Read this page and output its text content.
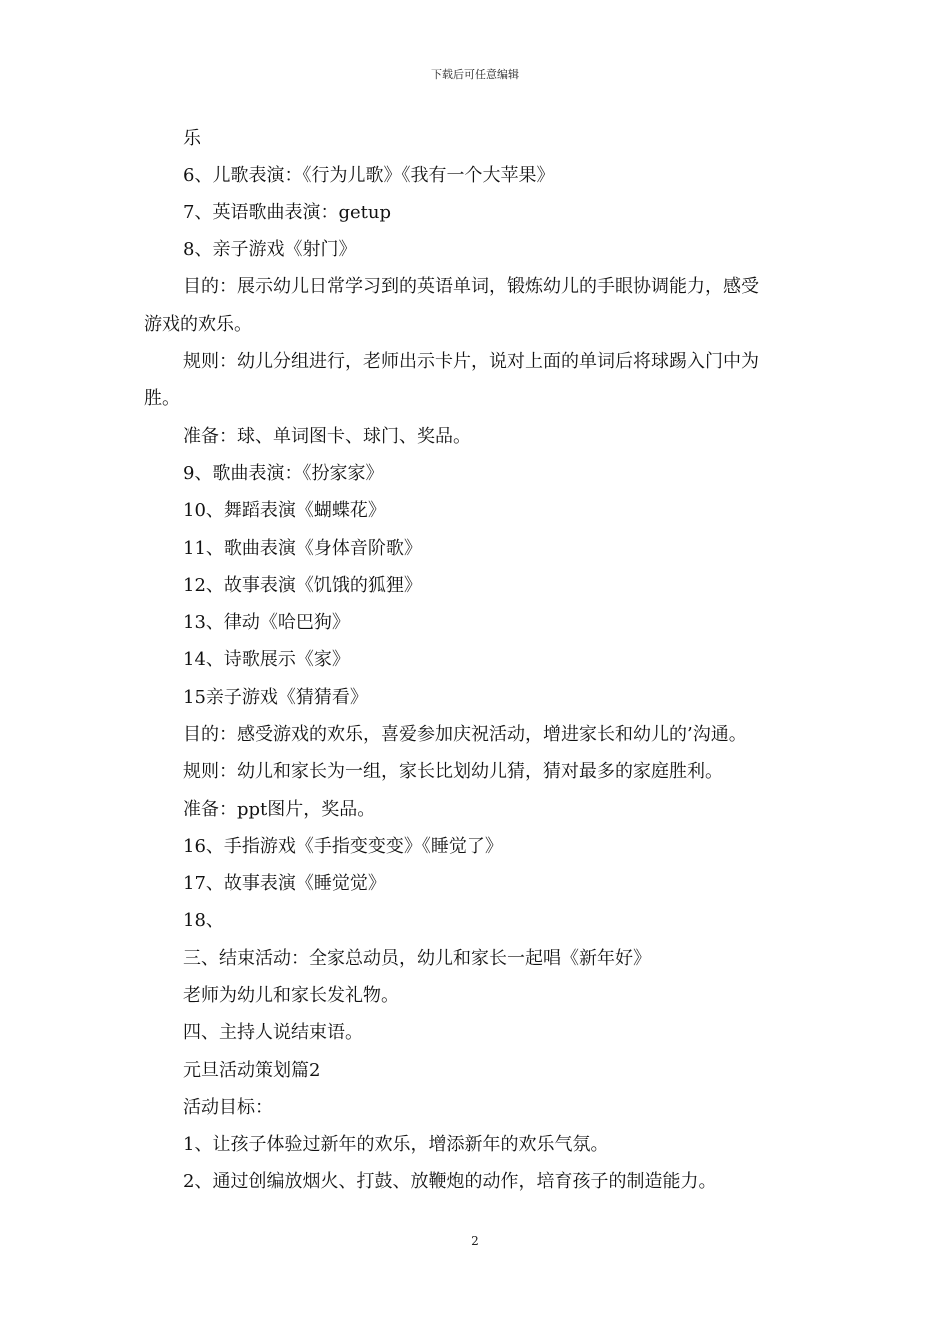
下载后可任意编辑
乐
6、儿歌表演：《行为儿歌》《我有一个大苹果》
7、英语歌曲表演：getup
8、亲子游戏《射门》
目的：展示幼儿日常学习到的英语单词，锻炼幼儿的手眼协调能力，感受
游戏的欢乐。
规则：幼儿分组进行，老师出示卡片，说对上面的单词后将球踢入门中为
胜。
准备：球、单词图卡、球门、奖品。
9、歌曲表演：《扮家家》
10、舞蹈表演《蝴蝶花》
11、歌曲表演《身体音阶歌》
12、故事表演《饥饿的狐狸》
13、律动《哈巴狗》
14、诗歌展示《家》
15亲子游戏《猜猜看》
目的：感受游戏的欢乐，喜爱参加庆祝活动，增进家长和幼儿的’沟通。
规则：幼儿和家长为一组，家长比划幼儿猜，猜对最多的家庭胜利。
准备：ppt图片，奖品。
16、手指游戏《手指变变变》《睡觉了》
17、故事表演《睡觉觉》
18、
三、结束活动：全家总动员，幼儿和家长一起唱《新年好》
老师为幼儿和家长发礼物。
四、主持人说结束语。
元旦活动策划篇2
活动目标：
1、让孩子体验过新年的欢乐，增添新年的欢乐气氛。
2、通过创编放烟火、打鼓、放鞭炮的动作，培育孩子的制造能力。
2
